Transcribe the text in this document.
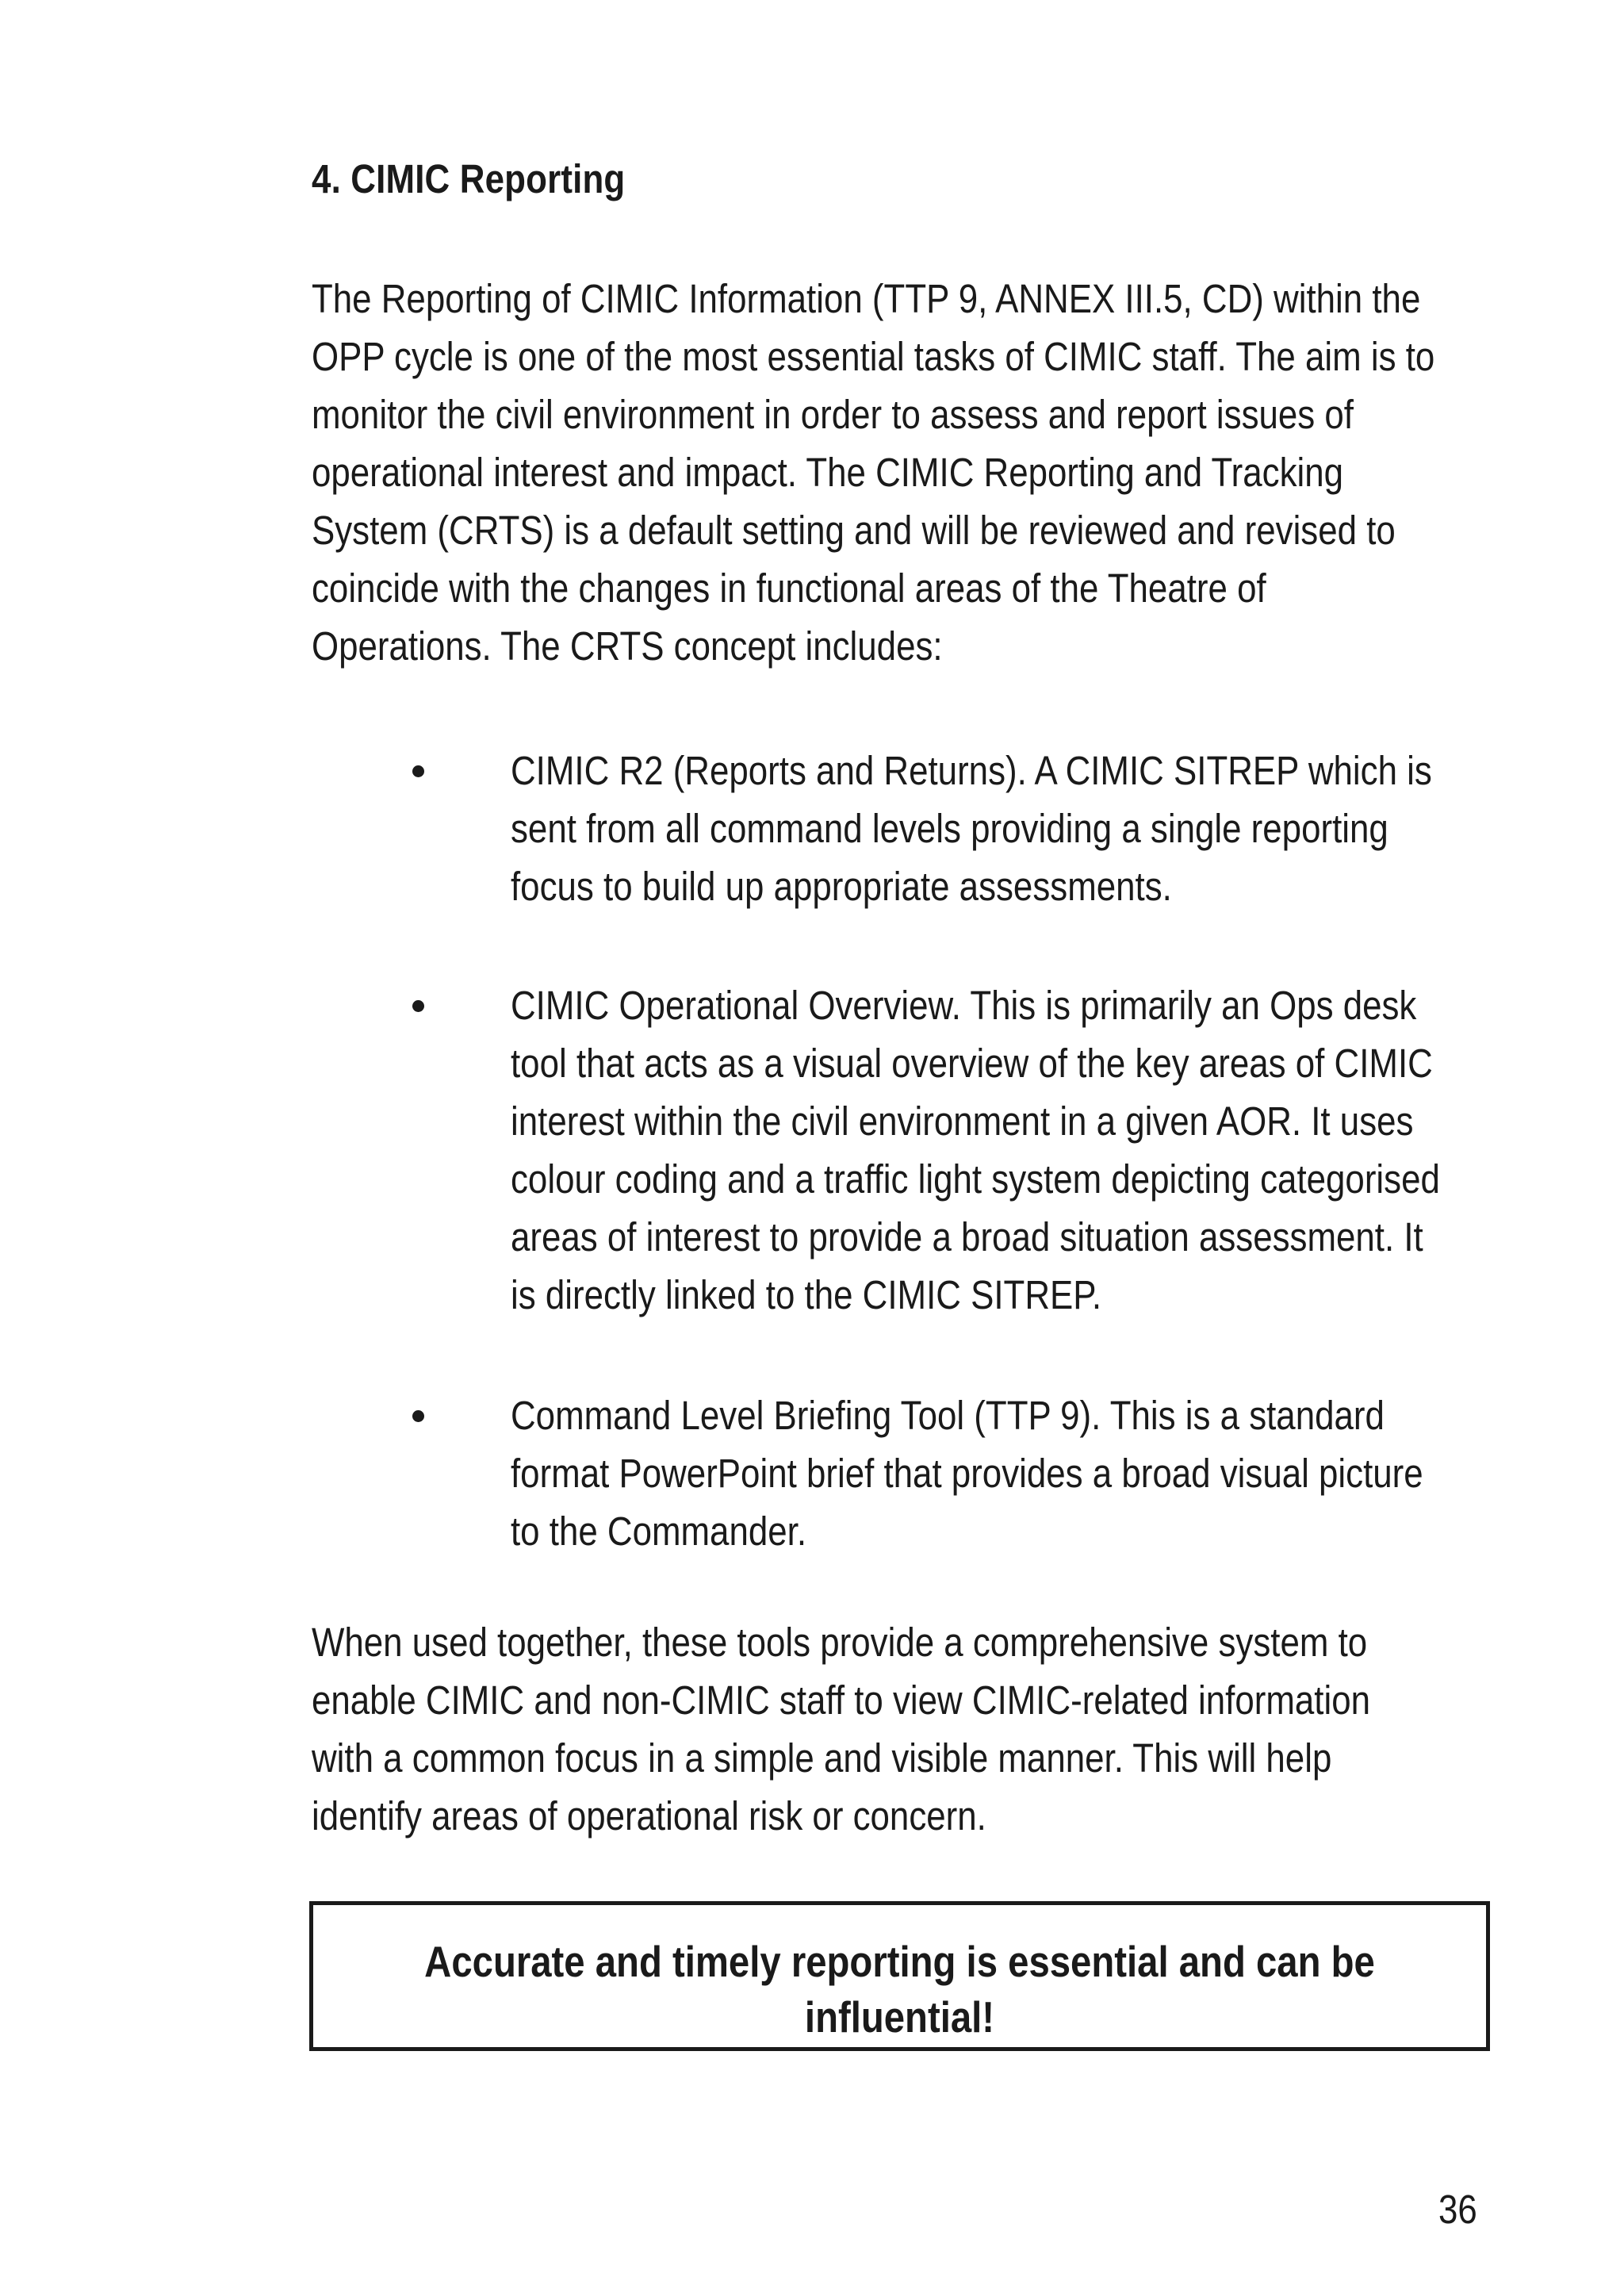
4. CIMIC Reporting
The Reporting of CIMIC Information (TTP 9, ANNEX III.5, CD) within the
OPP cycle is one of the most essential tasks of CIMIC staff. The aim is to
monitor the civil environment in order to assess and report issues of
operational interest and impact. The CIMIC Reporting and Tracking
System (CRTS) is a default setting and will be reviewed and revised to
coincide with the changes in functional areas of the Theatre of
Operations. The CRTS concept includes:
CIMIC R2 (Reports and Returns). A CIMIC SITREP which is
sent from all command levels providing a single reporting
focus to build up appropriate assessments.
CIMIC Operational Overview. This is primarily an Ops desk
tool that acts as a visual overview of the key areas of CIMIC
interest within the civil environment in a given AOR. It uses
colour coding and a traffic light system depicting categorised
areas of interest to provide a broad situation assessment. It
is directly linked to the CIMIC SITREP.
Command Level Briefing Tool (TTP 9). This is a standard
format PowerPoint brief that provides a broad visual picture
to the Commander.
When used together, these tools provide a comprehensive system to
enable CIMIC and non-CIMIC staff to view CIMIC-related information
with a common focus in a simple and visible manner. This will help
identify areas of operational risk or concern.
Accurate and timely reporting is essential and can be
influential!
36
